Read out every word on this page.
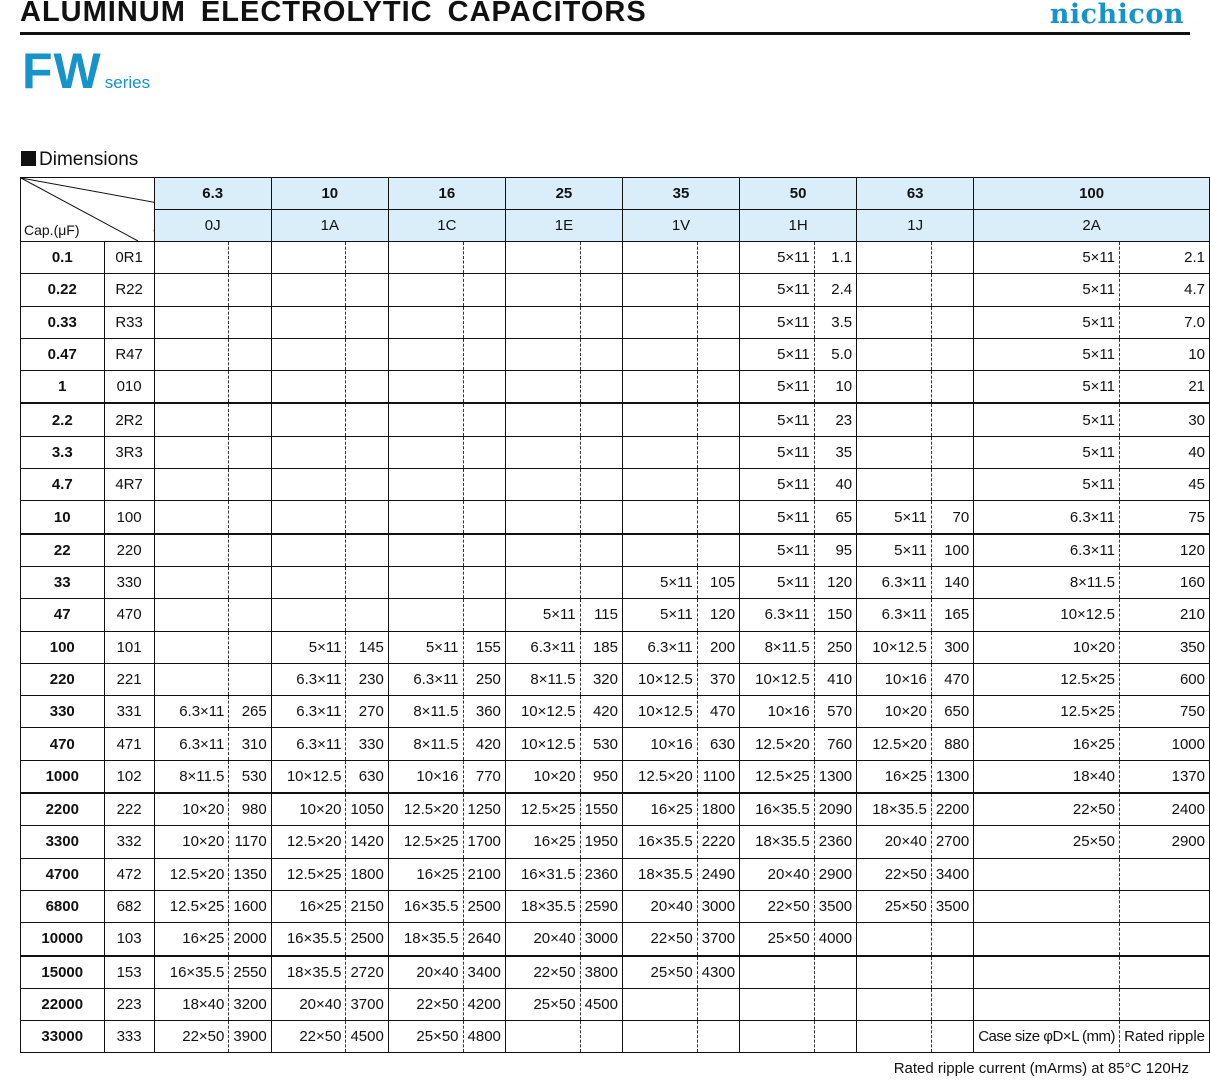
ALUMINUM ELECTROLYTIC CAPACITORS	nichicon
FW series
Dimensions
Cap.(μF)		6.3		10		16		25		35		50		63		100	
		0J		1A		1C		1E		1V		1H		1J		2A	
0.1	0R1											5×11	1.1			5×11	2.1
0.22	R22											5×11	2.4			5×11	4.7
0.33	R33											5×11	3.5			5×11	7.0
0.47	R47											5×11	5.0			5×11	10
1	010											5×11	10			5×11	21
2.2	2R2											5×11	23			5×11	30
3.3	3R3											5×11	35			5×11	40
4.7	4R7											5×11	40			5×11	45
10	100											5×11	65	5×11	70	6.3×11	75
22	220											5×11	95	5×11	100	6.3×11	120
33	330									5×11	105	5×11	120	6.3×11	140	8×11.5	160
47	470							5×11	115	5×11	120	6.3×11	150	6.3×11	165	10×12.5	210
100	101			5×11	145	5×11	155	6.3×11	185	6.3×11	200	8×11.5	250	10×12.5	300	10×20	350
220	221			6.3×11	230	6.3×11	250	8×11.5	320	10×12.5	370	10×12.5	410	10×16	470	12.5×25	600
330	331	6.3×11	265	6.3×11	270	8×11.5	360	10×12.5	420	10×12.5	470	10×16	570	10×20	650	12.5×25	750
470	471	6.3×11	310	6.3×11	330	8×11.5	420	10×12.5	530	10×16	630	12.5×20	760	12.5×20	880	16×25	1000
1000	102	8×11.5	530	10×12.5	630	10×16	770	10×20	950	12.5×20	1100	12.5×25	1300	16×25	1300	18×40	1370
2200	222	10×20	980	10×20	1050	12.5×20	1250	12.5×25	1550	16×25	1800	16×35.5	2090	18×35.5	2200	22×50	2400
3300	332	10×20	1170	12.5×20	1420	12.5×25	1700	16×25	1950	16×35.5	2220	18×35.5	2360	20×40	2700	25×50	2900
4700	472	12.5×20	1350	12.5×25	1800	16×25	2100	16×31.5	2360	18×35.5	2490	20×40	2900	22×50	3400		
6800	682	12.5×25	1600	16×25	2150	16×35.5	2500	18×35.5	2590	20×40	3000	22×50	3500	25×50	3500		
10000	103	16×25	2000	16×35.5	2500	18×35.5	2640	20×40	3000	22×50	3700	25×50	4000				
15000	153	16×35.5	2550	18×35.5	2720	20×40	3400	22×50	3800	25×50	4300						
22000	223	18×40	3200	20×40	3700	22×50	4200	25×50	4500								
33000	333	22×50	3900	22×50	4500	25×50	4800									Case size φD×L (mm)	Rated ripple
Rated ripple current (mArms) at 85°C 120Hz
